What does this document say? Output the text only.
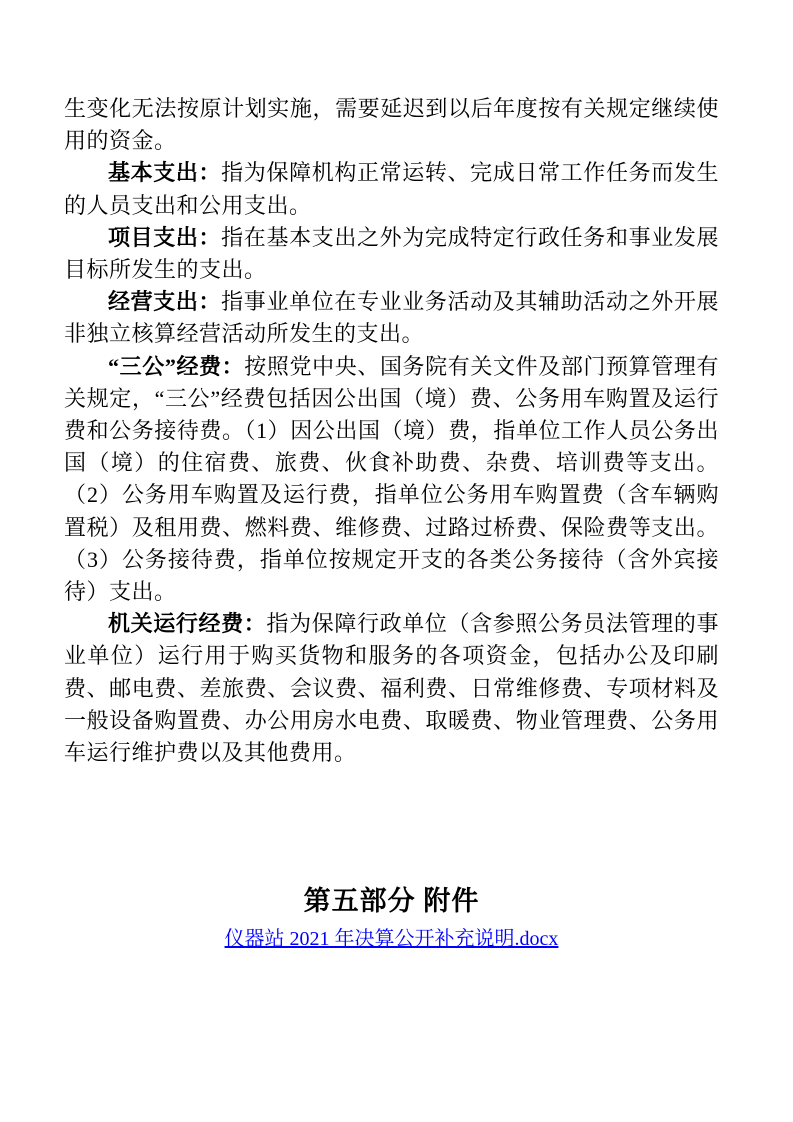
生变化无法按原计划实施，需要延迟到以后年度按有关规定继续使用的资金。

基本支出：指为保障机构正常运转、完成日常工作任务而发生的人员支出和公用支出。

项目支出：指在基本支出之外为完成特定行政任务和事业发展目标所发生的支出。

经营支出：指事业单位在专业业务活动及其辅助活动之外开展非独立核算经营活动所发生的支出。

“三公”经费：按照党中央、国务院有关文件及部门预算管理有关规定，“三公”经费包括因公出国（境）费、公务用车购置及运行费和公务接待费。（1）因公出国（境）费，指单位工作人员公务出国（境）的住宿费、旅费、伙食补助费、杂费、培训费等支出。（2）公务用车购置及运行费，指单位公务用车购置费（含车辆购置税）及租用费、燃料费、维修费、过路过桥费、保险费等支出。（3）公务接待费，指单位按规定开支的各类公务接待（含外宾接待）支出。

机关运行经费：指为保障行政单位（含参照公务员法管理的事业单位）运行用于购买货物和服务的各项资金，包括办公及印刷费、邮电费、差旅费、会议费、福利费、日常维修费、专项材料及一般设备购置费、办公用房水电费、取暖费、物业管理费、公务用车运行维护费以及其他费用。

第五部分 附件

仪器站 2021 年决算公开补充说明.docx
